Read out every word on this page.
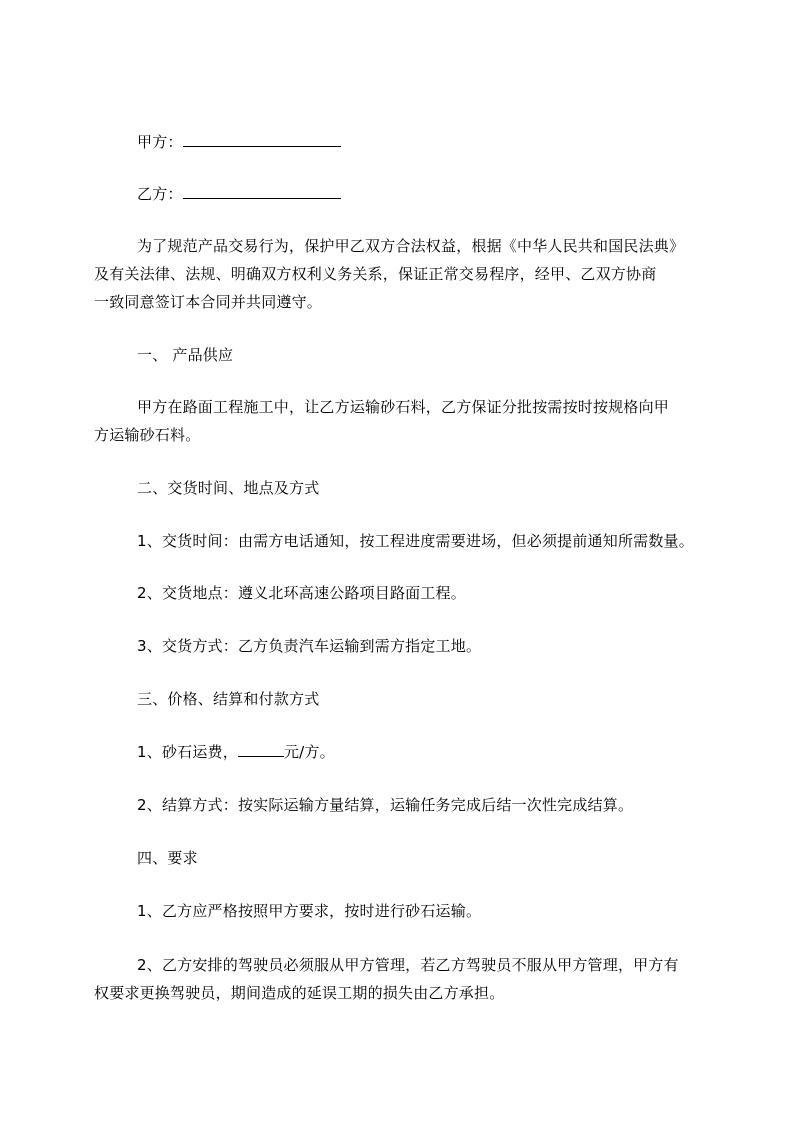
甲方：
乙方：
为了规范产品交易行为，保护甲乙双方合法权益，根据《中华人民共和国民法典》
及有关法律、法规、明确双方权利义务关系，保证正常交易程序，经甲、乙双方协商
一致同意签订本合同并共同遵守。
一、 产品供应
甲方在路面工程施工中，让乙方运输砂石料，乙方保证分批按需按时按规格向甲
方运输砂石料。
二、交货时间、地点及方式
1、交货时间：由需方电话通知，按工程进度需要进场，但必须提前通知所需数量。
2、交货地点：遵义北环高速公路项目路面工程。
3、交货方式：乙方负责汽车运输到需方指定工地。
三、价格、结算和付款方式
1、砂石运费，	元/方。
2、结算方式：按实际运输方量结算，运输任务完成后结一次性完成结算。
四、要求
1、乙方应严格按照甲方要求，按时进行砂石运输。
2、乙方安排的驾驶员必须服从甲方管理，若乙方驾驶员不服从甲方管理，甲方有
权要求更换驾驶员，期间造成的延误工期的损失由乙方承担。
